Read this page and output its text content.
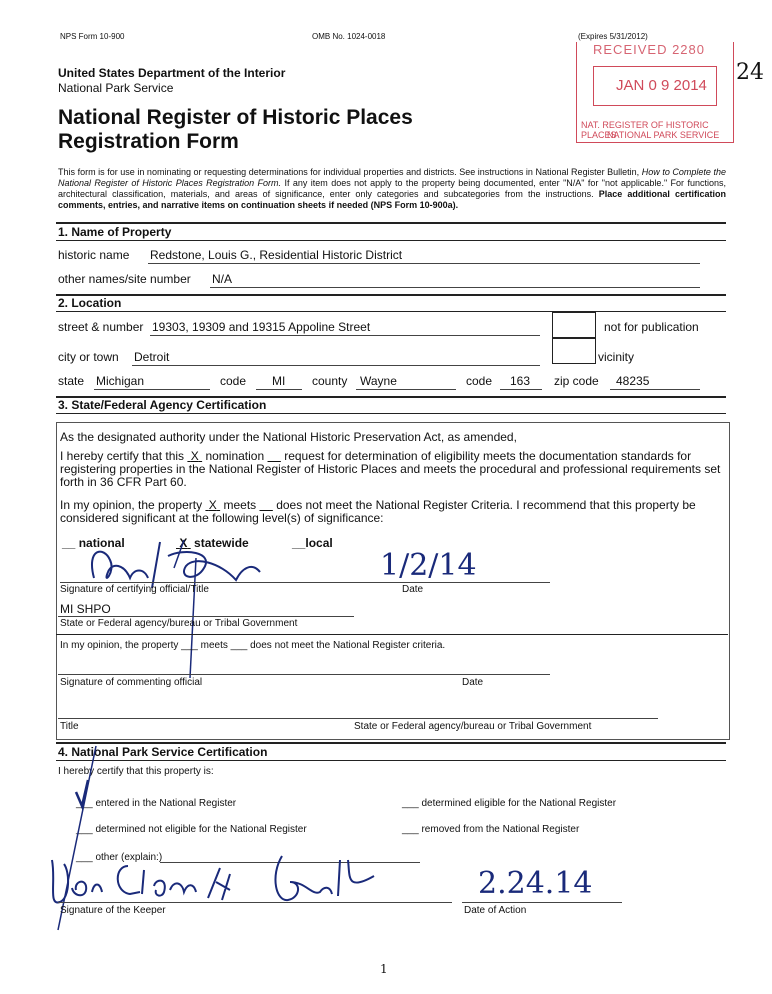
NPS Form 10-900	OMB No. 1024-0018	(Expires 5/31/2012)
United States Department of the Interior
National Park Service
National Register of Historic Places
Registration Form
RECEIVED 2280
JAN 0 9 2014
NAT. REGISTER OF HISTORIC PLACES
NATIONAL PARK SERVICE
24
This form is for use in nominating or requesting determinations for individual properties and districts. See instructions in National Register Bulletin, How to Complete the National Register of Historic Places Registration Form. If any item does not apply to the property being documented, enter "N/A" for "not applicable." For functions, architectural classification, materials, and areas of significance, enter only categories and subcategories from the instructions. Place additional certification comments, entries, and narrative items on continuation sheets if needed (NPS Form 10-900a).
1. Name of Property
historic name Redstone, Louis G., Residential Historic District
other names/site number N/A
2. Location
street & number 19303, 19309 and 19315 Appoline Street	not for publication
city or town Detroit	vicinity
state Michigan	code MI county Wayne	code 163 zip code 48235
3. State/Federal Agency Certification
As the designated authority under the National Historic Preservation Act, as amended,
I hereby certify that this X nomination request for determination of eligibility meets the documentation standards for registering properties in the National Register of Historic Places and meets the procedural and professional requirements set forth in 36 CFR Part 60.
In my opinion, the property X meets does not meet the National Register Criteria. I recommend that this property be considered significant at the following level(s) of significance:
__ national	X statewide	__local
1/2/14
Signature of certifying official/Title	Date
MI SHPO
State or Federal agency/bureau or Tribal Government
In my opinion, the property ___ meets ___ does not meet the National Register criteria.
Signature of commenting official	Date
Title	State or Federal agency/bureau or Tribal Government
4. National Park Service Certification
I hereby certify that this property is:
___ entered in the National Register	___ determined eligible for the National Register
___ determined not eligible for the National Register	___ removed from the National Register
___ other (explain:)
2.24.14
Signature of the Keeper	Date of Action
1
